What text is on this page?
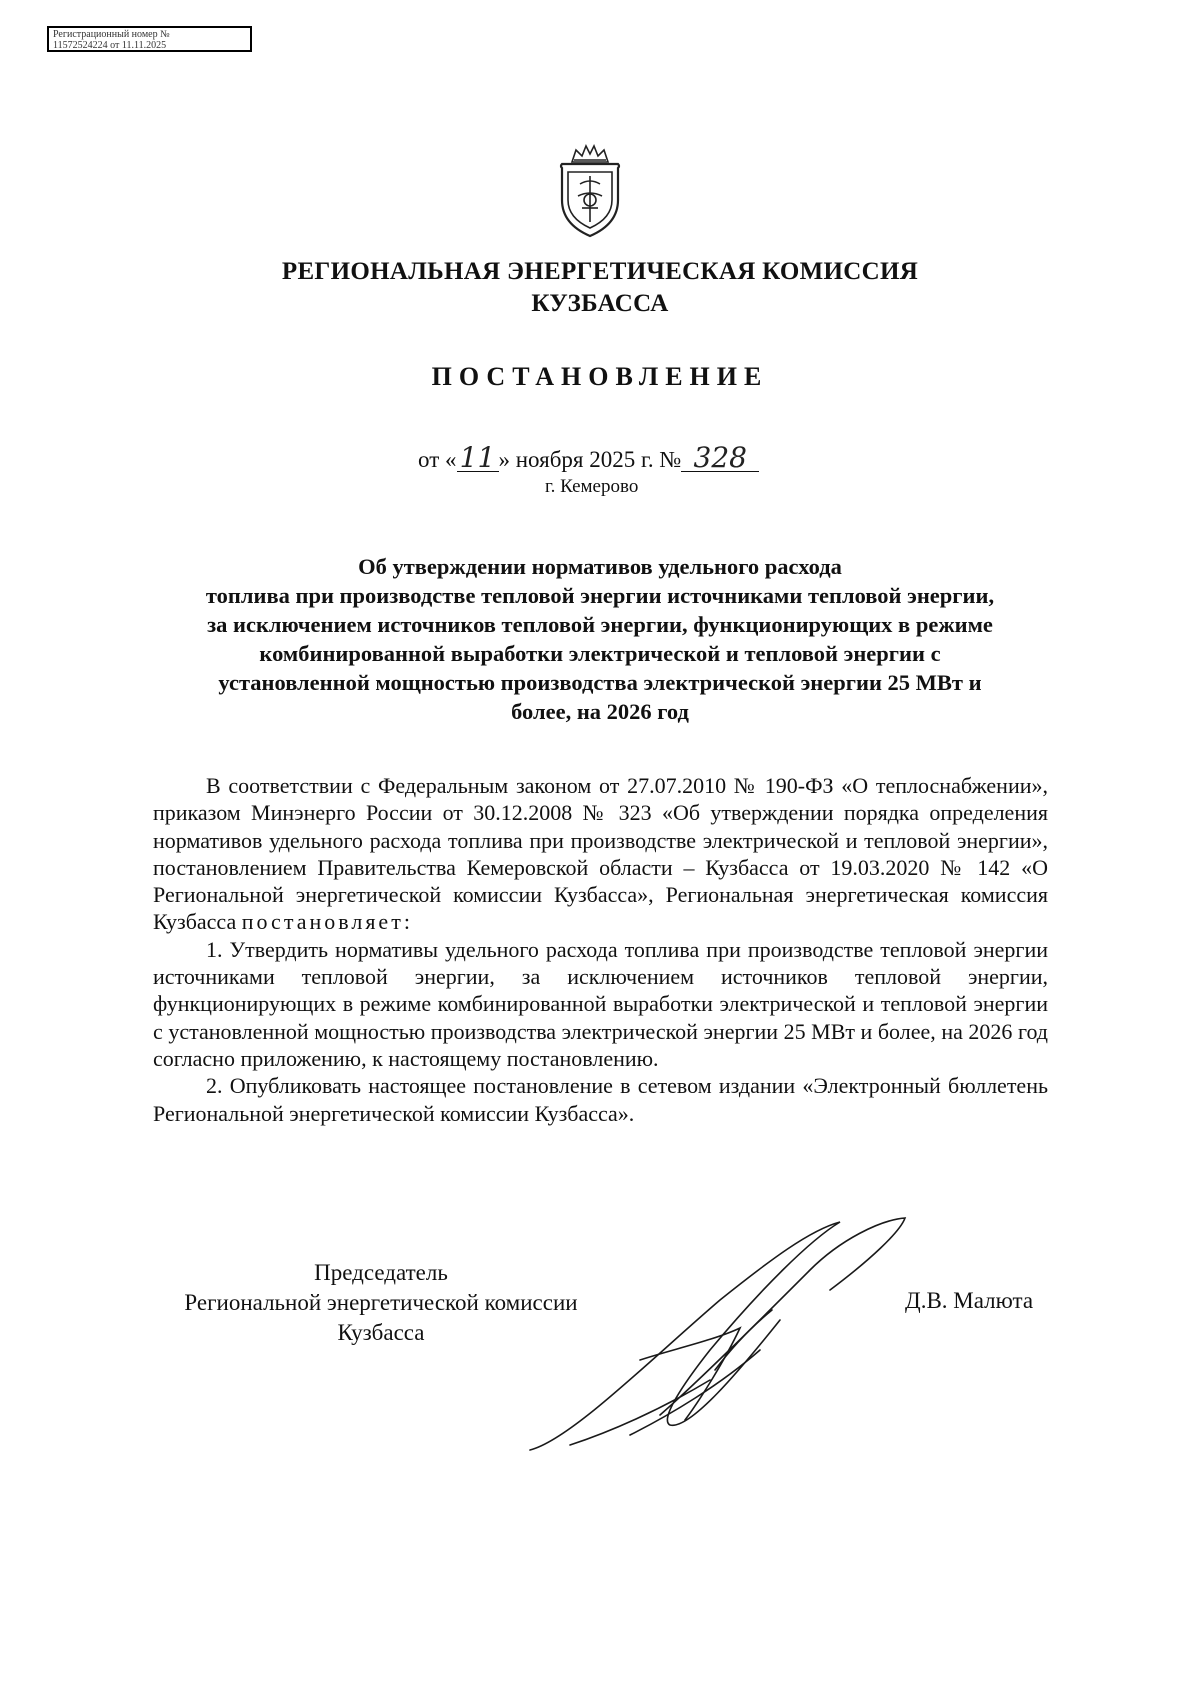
Регистрационный номер №
11572524224 от 11.11.2025
РЕГИОНАЛЬНАЯ ЭНЕРГЕТИЧЕСКАЯ КОМИССИЯ
КУЗБАССА
ПОСТАНОВЛЕНИЕ
от « 11 » ноября 2025 г. № 328
г. Кемерово
Об утверждении нормативов удельного расхода
топлива при производстве тепловой энергии источниками тепловой энергии,
за исключением источников тепловой энергии, функционирующих в режиме
комбинированной выработки электрической и тепловой энергии с
установленной мощностью производства электрической энергии 25 МВт и
более, на 2026 год

В соответствии с Федеральным законом от 27.07.2010 № 190-ФЗ «О теплоснабжении», приказом Минэнерго России от 30.12.2008 № 323 «Об утверждении порядка определения нормативов удельного расхода топлива при производстве электрической и тепловой энергии», постановлением Правительства Кемеровской области – Кузбасса от 19.03.2020 № 142 «О Региональной энергетической комиссии Кузбасса», Региональная энергетическая комиссия Кузбасса постановляет:

1. Утвердить нормативы удельного расхода топлива при производстве тепловой энергии источниками тепловой энергии, за исключением источников тепловой энергии, функционирующих в режиме комбинированной выработки электрической и тепловой энергии с установленной мощностью производства электрической энергии 25 МВт и более, на 2026 год согласно приложению, к настоящему постановлению.

2. Опубликовать настоящее постановление в сетевом издании «Электронный бюллетень Региональной энергетической комиссии Кузбасса».

Председатель
Региональной энергетической комиссии
Кузбасса
Д.В. Малюта
